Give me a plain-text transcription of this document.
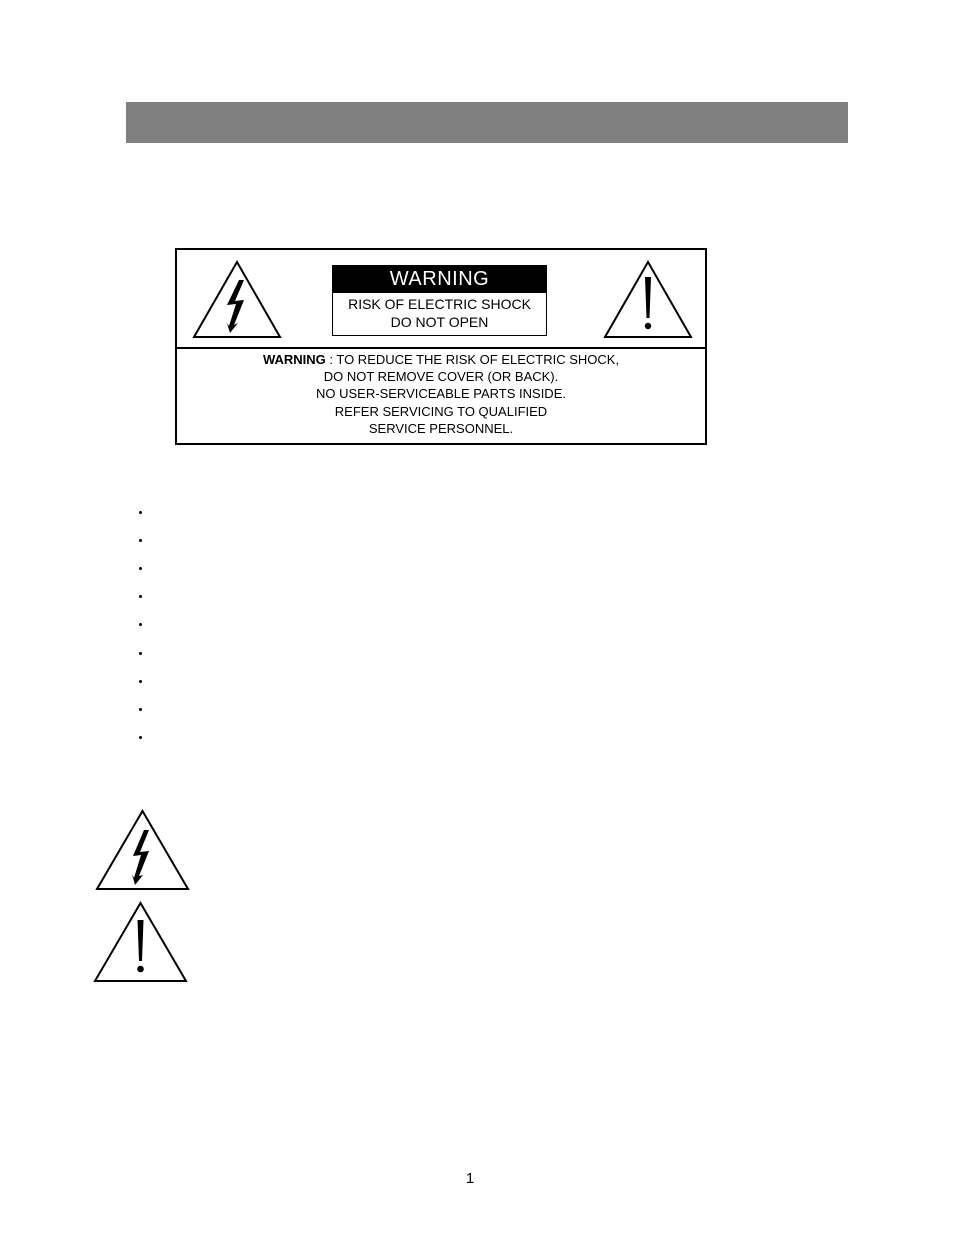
WARNING
RISK OF ELECTRIC SHOCK
DO NOT OPEN
WARNING : TO REDUCE THE RISK OF ELECTRIC SHOCK,
DO NOT REMOVE COVER (OR BACK).
NO USER-SERVICEABLE PARTS INSIDE.
REFER SERVICING TO QUALIFIED
SERVICE PERSONNEL.
1
